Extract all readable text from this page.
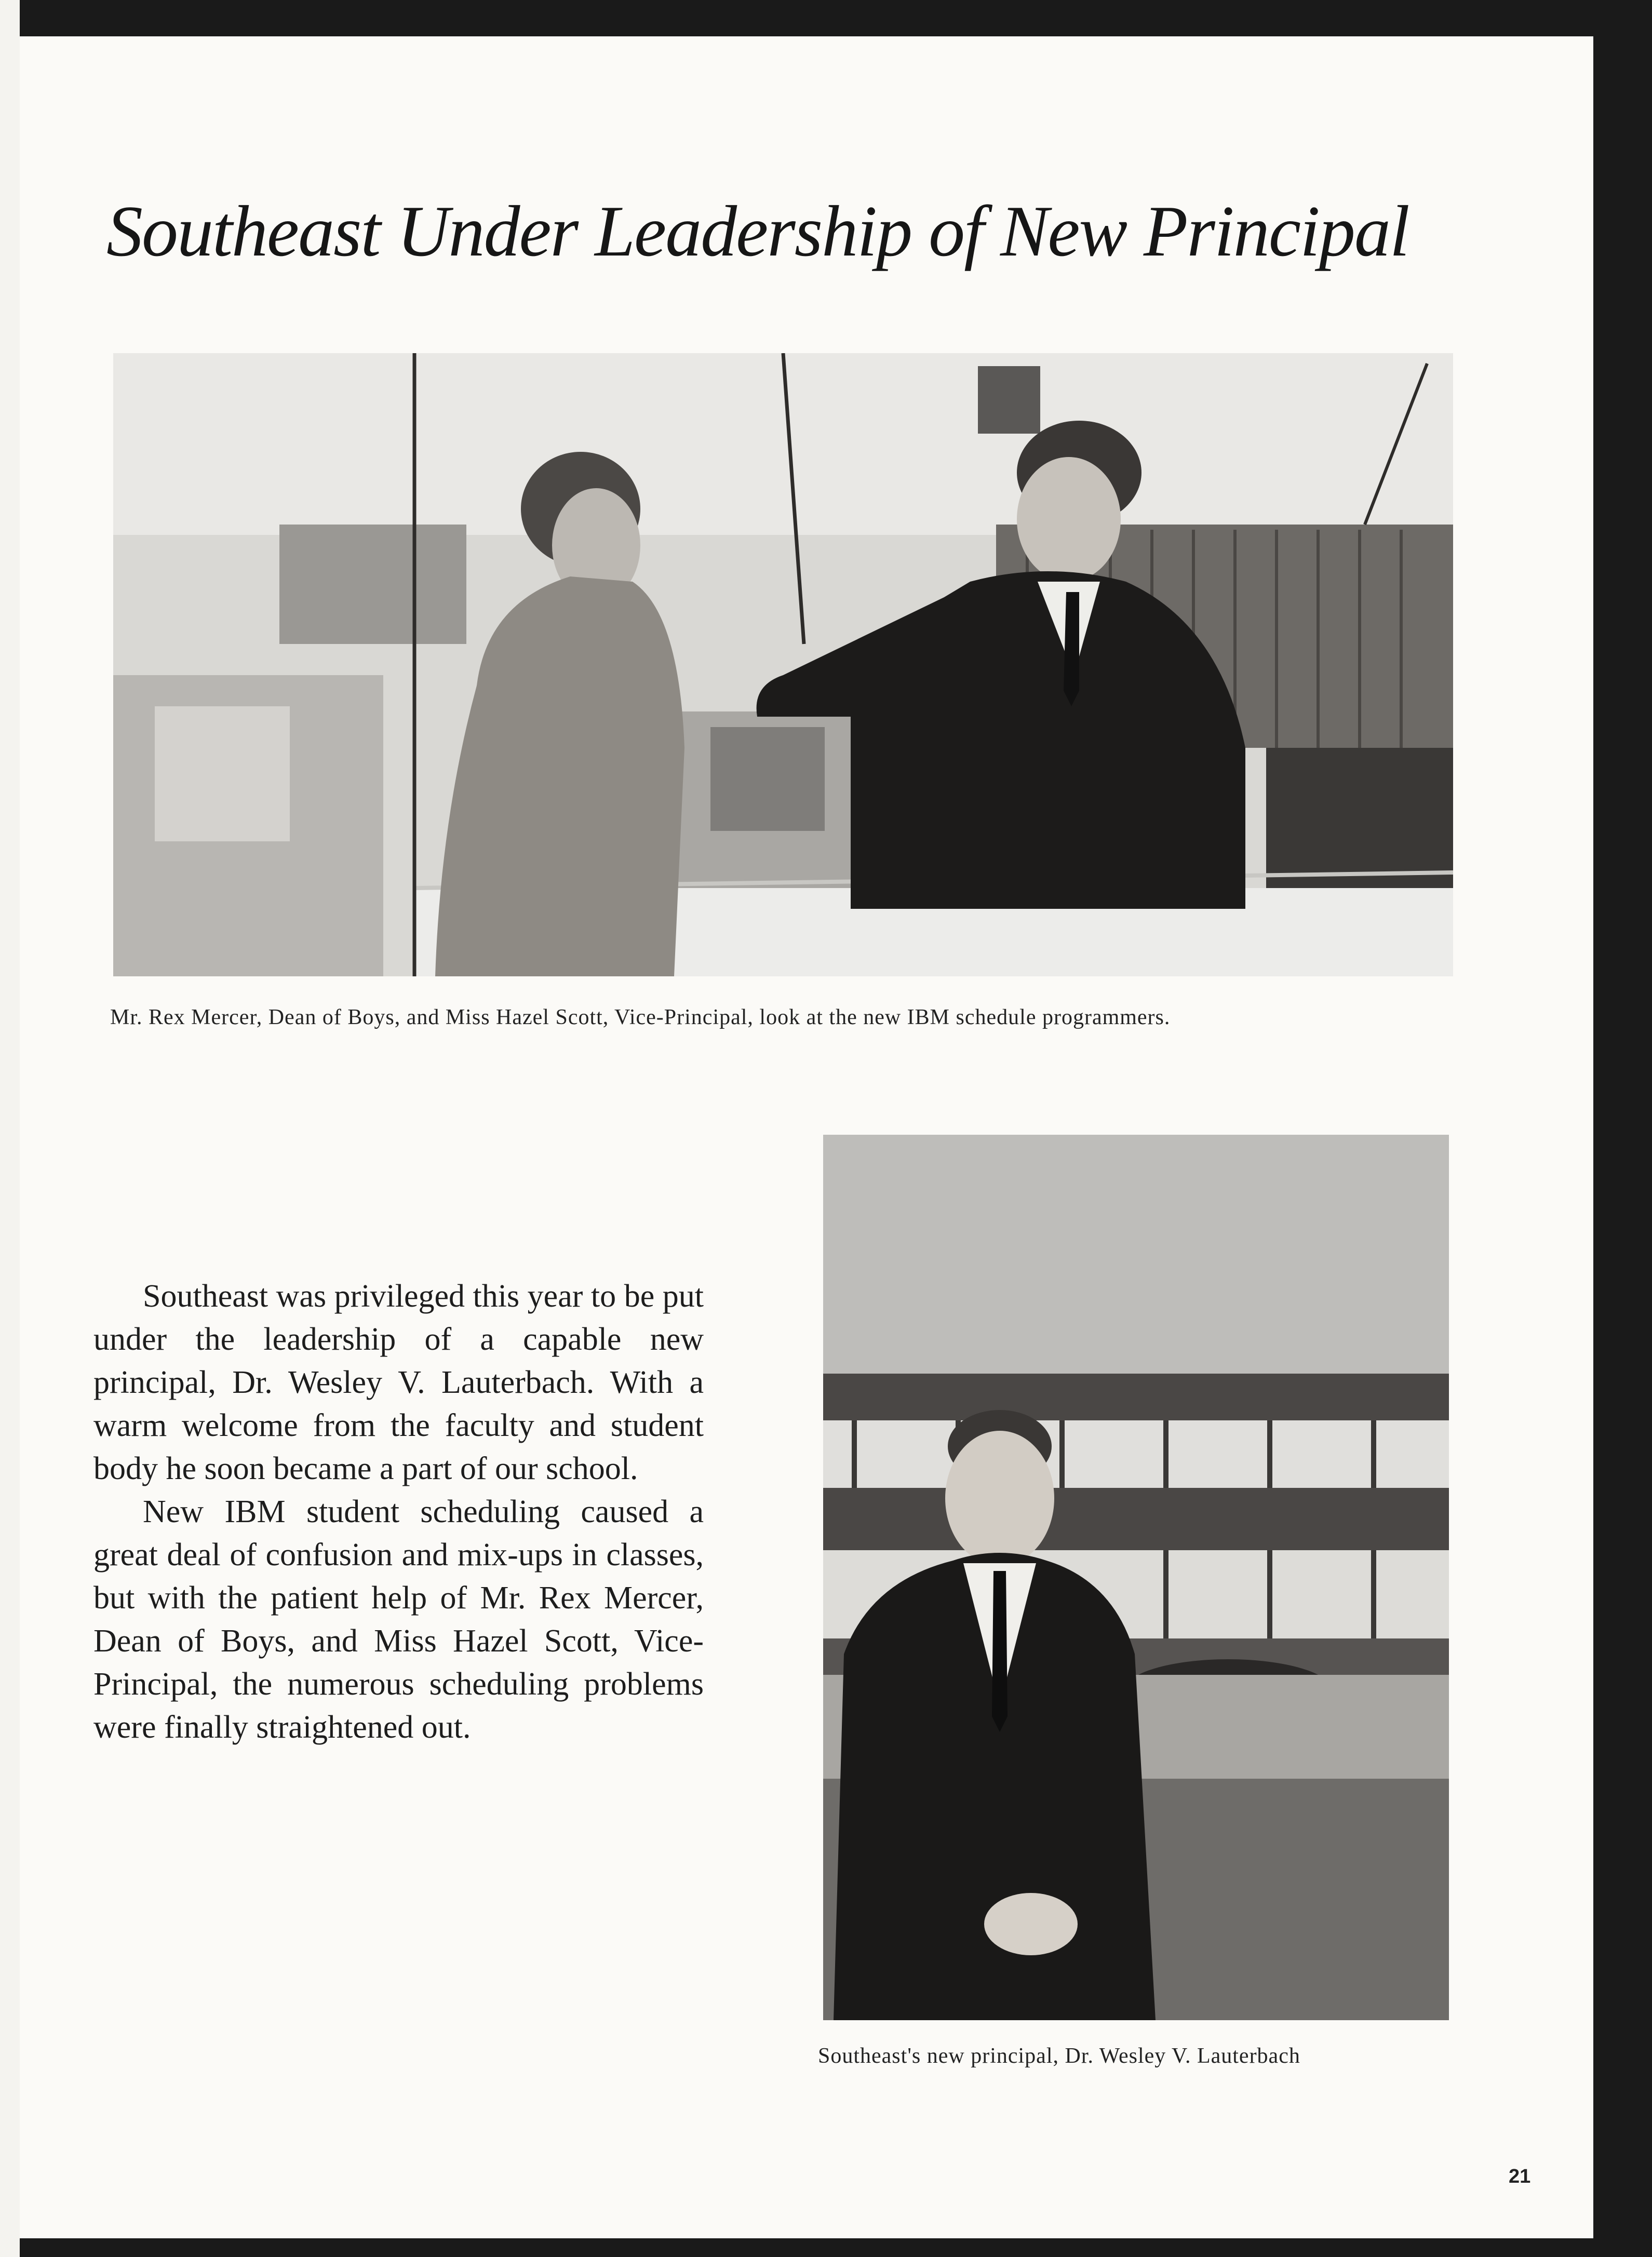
Southeast Under Leadership of New Principal
Mr. Rex Mercer, Dean of Boys, and Miss Hazel Scott, Vice-Principal, look at the new IBM schedule programmers.

Southeast was privileged this year to be put under the leadership of a capable new principal, Dr. Wesley V. Lauterbach. With a warm welcome from the faculty and student body he soon became a part of our school.

New IBM student scheduling caused a great deal of confusion and mix-ups in classes, but with the patient help of Mr. Rex Mercer, Dean of Boys, and Miss Hazel Scott, Vice-Principal, the numerous scheduling problems were finally straightened out.

Southeast's new principal, Dr. Wesley V. Lauterbach
21
